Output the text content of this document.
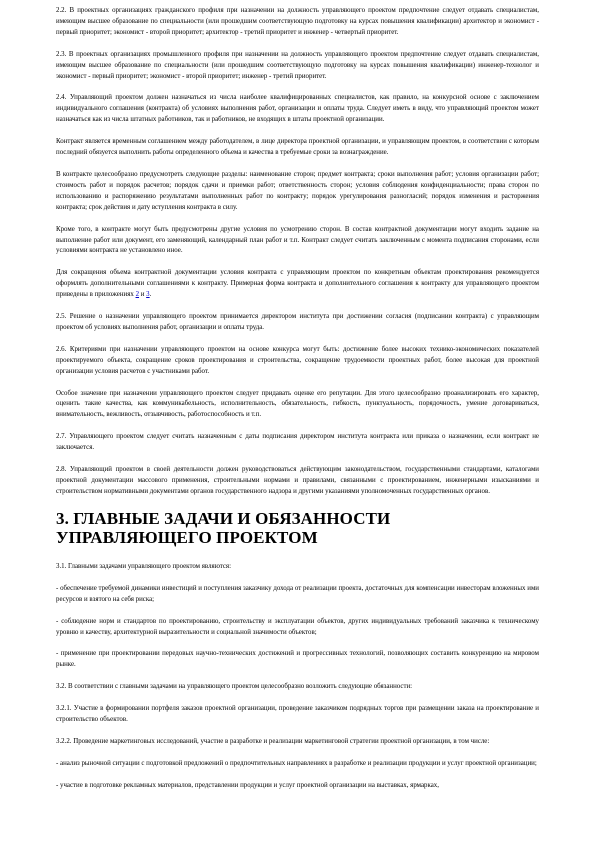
2.2. В проектных организациях гражданского профиля при назначении на должность управляющего проектом предпочтение следует отдавать специалистам, имеющим высшее образование по специальности (или прошедшим соответствующую подготовку на курсах повышения квалификации) архитектор и экономист - первый приоритет; экономист - второй приоритет; архитектор - третий приоритет и инженер - четвертый приоритет.

2.3. В проектных организациях промышленного профиля при назначении на должность управляющего проектом предпочтение следует отдавать специалистам, имеющим высшее образование по специальности (или прошедшим соответствующую подготовку на курсах повышения квалификации) инженер-технолог и экономист - первый приоритет; экономист - второй приоритет; инженер - третий приоритет.

2.4. Управляющий проектом должен назначаться из числа наиболее квалифицированных специалистов, как правило, на конкурсной основе с заключением индивидуального соглашения (контракта) об условиях выполнения работ, организации и оплаты труда. Следует иметь в виду, что управляющий проектом может назначаться как из числа штатных работников, так и работников, не входящих в штаты проектной организации.

Контракт является временным соглашением между работодателем, в лице директора проектной организации, и управляющим проектом, в соответствии с которым последний обязуется выполнить работы определенного объема и качества в требуемые сроки за вознаграждение.

В контракте целесообразно предусмотреть следующие разделы: наименование сторон; предмет контракта; сроки выполнения работ; условия организации работ; стоимость работ и порядок расчетов; порядок сдачи и приемки работ; ответственность сторон; условия соблюдения конфиденциальности; права сторон по использованию и распоряжению результатами выполненных работ по контракту; порядок урегулирования разногласий; порядок изменения и расторжения контракта; срок действия и дату вступления контракта в силу.

Кроме того, в контракте могут быть предусмотрены другие условия по усмотрению сторон. В состав контрактной документации могут входить задание на выполнение работ или документ, его заменяющий, календарный план работ и т.п. Контракт следует считать заключенным с момента подписания сторонами, если условиями контракта не установлено иное.

Для сокращения объема контрактной документации условия контракта с управляющим проектом по конкретным объектам проектирования рекомендуется оформлять дополнительными соглашениями к контракту. Примерная форма контракта и дополнительного соглашения к контракту для управляющего проектом приведены в приложениях 2 и 3.

2.5. Решение о назначении управляющего проектом принимается директором института при достижении согласия (подписании контракта) с управляющим проектом об условиях выполнения работ, организации и оплаты труда.

2.6. Критериями при назначении управляющего проектом на основе конкурса могут быть: достижение более высоких технико-экономических показателей проектируемого объекта, сокращение сроков проектирования и строительства, сокращение трудоемкости проектных работ, более высокая для проектной организации условия расчетов с участниками работ.

Особое значение при назначении управляющего проектом следует придавать оценке его репутации. Для этого целесообразно проанализировать его характер, оценить такие качества, как коммуникабельность, исполнительность, обязательность, гибкость, пунктуальность, порядочность, умение договариваться, внимательность, вежливость, отзывчивость, работоспособность и т.п.

2.7. Управляющего проектом следует считать назначенным с даты подписания директором института контракта или приказа о назначении, если контракт не заключается.

2.8. Управляющий проектом в своей деятельности должен руководствоваться действующим законодательством, государственными стандартами, каталогами проектной документации массового применения, строительными нормами и правилами, связанными с проектированием, инженерными изысканиями и строительством нормативными документами органов государственного надзора и другими указаниями уполномоченных государственных органов.

3. ГЛАВНЫЕ ЗАДАЧИ И ОБЯЗАННОСТИ УПРАВЛЯЮЩЕГО ПРОЕКТОМ

3.1. Главными задачами управляющего проектом являются:

- обеспечение требуемой динамики инвестиций и поступления заказчику дохода от реализации проекта, достаточных для компенсации инвесторам вложенных ими ресурсов и взятого на себя риска;

- соблюдение норм и стандартов по проектированию, строительству и эксплуатации объектов, других индивидуальных требований заказчика к техническому уровню и качеству, архитектурной выразительности и социальной значимости объектов;

- применение при проектировании передовых научно-технических достижений и прогрессивных технологий, позволяющих составить конкуренцию на мировом рынке.

3.2. В соответствии с главными задачами на управляющего проектом целесообразно возложить следующие обязанности:

3.2.1. Участие в формировании портфеля заказов проектной организации, проведение заказчиком подрядных торгов при размещении заказа на проектирование и строительство объектов.

3.2.2. Проведение маркетинговых исследований, участие в разработке и реализации маркетинговой стратегии проектной организации, в том числе:

- анализ рыночной ситуации с подготовкой предложений о предпочтительных направлениях в разработке и реализации продукции и услуг проектной организации;

- участие в подготовке рекламных материалов, представлении продукции и услуг проектной организации на выставках, ярмарках,
